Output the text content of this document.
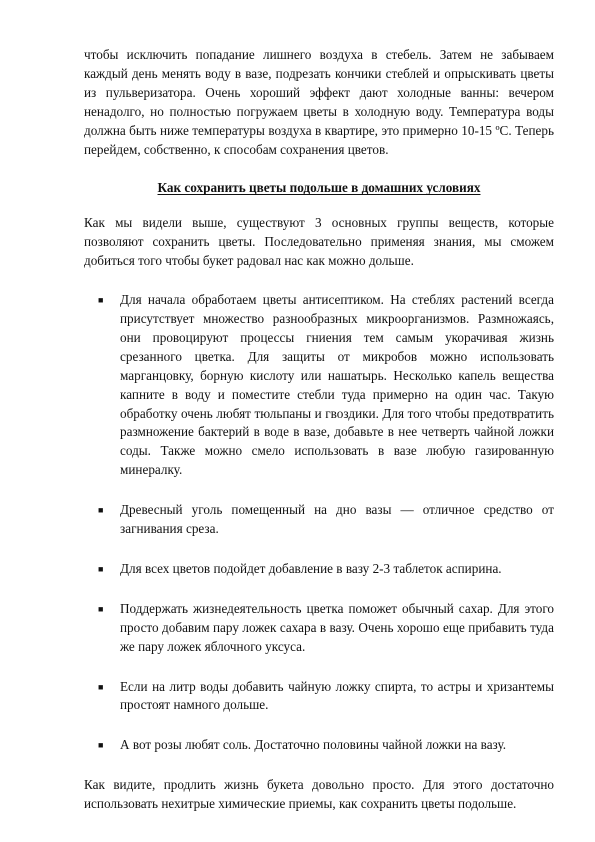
чтобы исключить попадание лишнего воздуха в стебель. Затем не забываем каждый день менять воду в вазе, подрезать кончики стеблей и опрыскивать цветы из пульверизатора. Очень хороший эффект дают холодные ванны: вечером ненадолго, но полностью погружаем цветы в холодную воду. Температура воды должна быть ниже температуры воздуха в квартире, это примерно 10-15 ºС. Теперь перейдем, собственно, к способам сохранения цветов.

Как сохранить цветы подольше в домашних условиях

Как мы видели выше, существуют 3 основных группы веществ, которые позволяют сохранить цветы. Последовательно применяя знания, мы сможем добиться того чтобы букет радовал нас как можно дольше.

■ Для начала обработаем цветы антисептиком. На стеблях растений всегда присутствует множество разнообразных микроорганизмов. Размножаясь, они провоцируют процессы гниения тем самым укорачивая жизнь срезанного цветка. Для защиты от микробов можно использовать марганцовку, борную кислоту или нашатырь. Несколько капель вещества капните в воду и поместите стебли туда примерно на один час. Такую обработку очень любят тюльпаны и гвоздики. Для того чтобы предотвратить размножение бактерий в воде в вазе, добавьте в нее четверть чайной ложки соды. Также можно смело использовать в вазе любую газированную минералку.
■ Древесный уголь помещенный на дно вазы — отличное средство от загнивания среза.
■ Для всех цветов подойдет добавление в вазу 2-3 таблеток аспирина.
■ Поддержать жизнедеятельность цветка поможет обычный сахар. Для этого просто добавим пару ложек сахара в вазу. Очень хорошо еще прибавить туда же пару ложек яблочного уксуса.
■ Если на литр воды добавить чайную ложку спирта, то астры и хризантемы простоят намного дольше.
■ А вот розы любят соль. Достаточно половины чайной ложки на вазу.

Как видите, продлить жизнь букета довольно просто. Для этого достаточно использовать нехитрые химические приемы, как сохранить цветы подольше.
